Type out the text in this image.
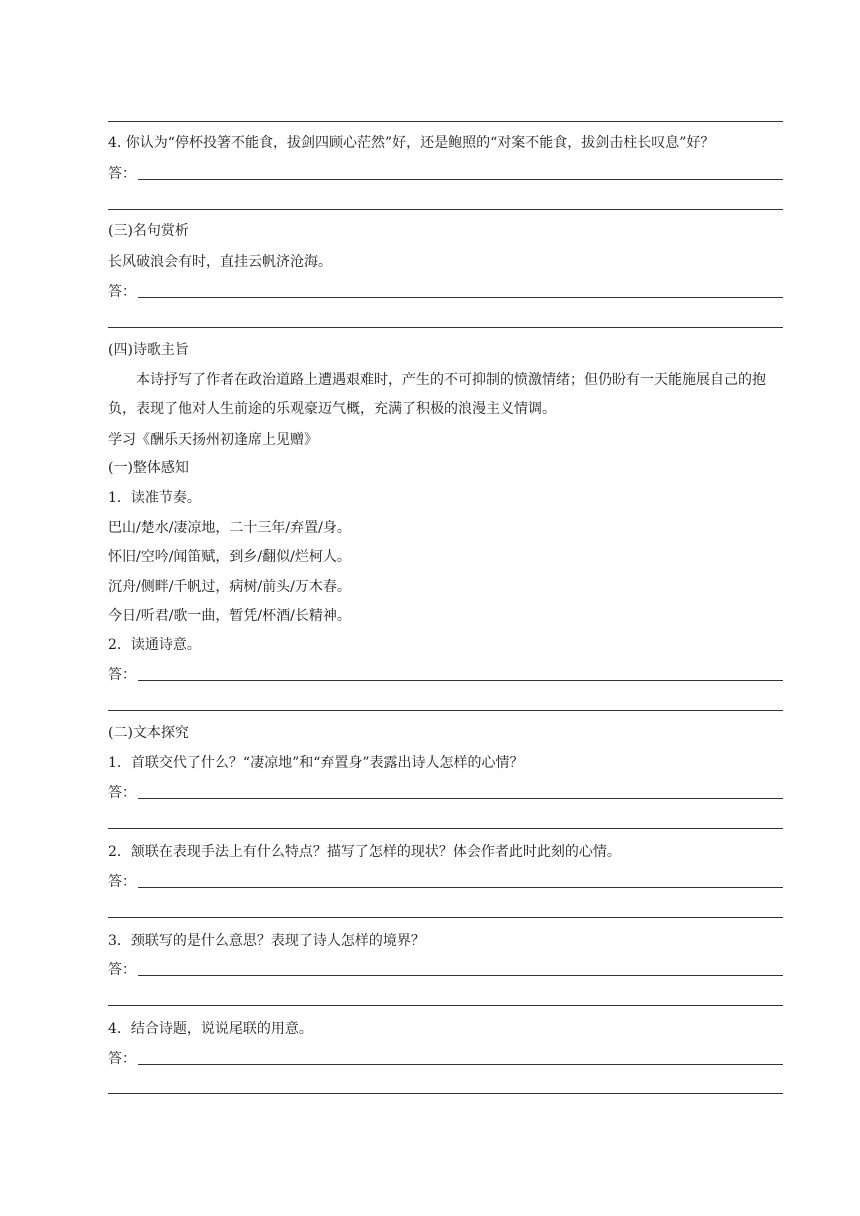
4. 你认为“停杯投箸不能食，拔剑四顾心茫然”好，还是鲍照的“对案不能食，拔剑击柱长叹息”好？
答：
(三)名句赏析
长风破浪会有时，直挂云帆济沧海。
答：
(四)诗歌主旨
本诗抒写了作者在政治道路上遭遇艰难时，产生的不可抑制的愤激情绪；但仍盼有一天能施展自己的抱负，表现了他对人生前途的乐观豪迈气概，充满了积极的浪漫主义情调。
学习《酬乐天扬州初逢席上见赠》
(一)整体感知
1．读准节奏。
巴山/楚水/凄凉地，二十三年/弃置/身。
怀旧/空吟/闻笛赋，到乡/翻似/烂柯人。
沉舟/侧畔/千帆过，病树/前头/万木春。
今日/听君/歌一曲，暂凭/杯酒/长精神。
2．读通诗意。
答：
(二)文本探究
1．首联交代了什么？“凄凉地”和“弃置身”表露出诗人怎样的心情？
答：
2．颔联在表现手法上有什么特点？描写了怎样的现状？体会作者此时此刻的心情。
答：
3．颈联写的是什么意思？表现了诗人怎样的境界？
答：
4．结合诗题，说说尾联的用意。
答：
